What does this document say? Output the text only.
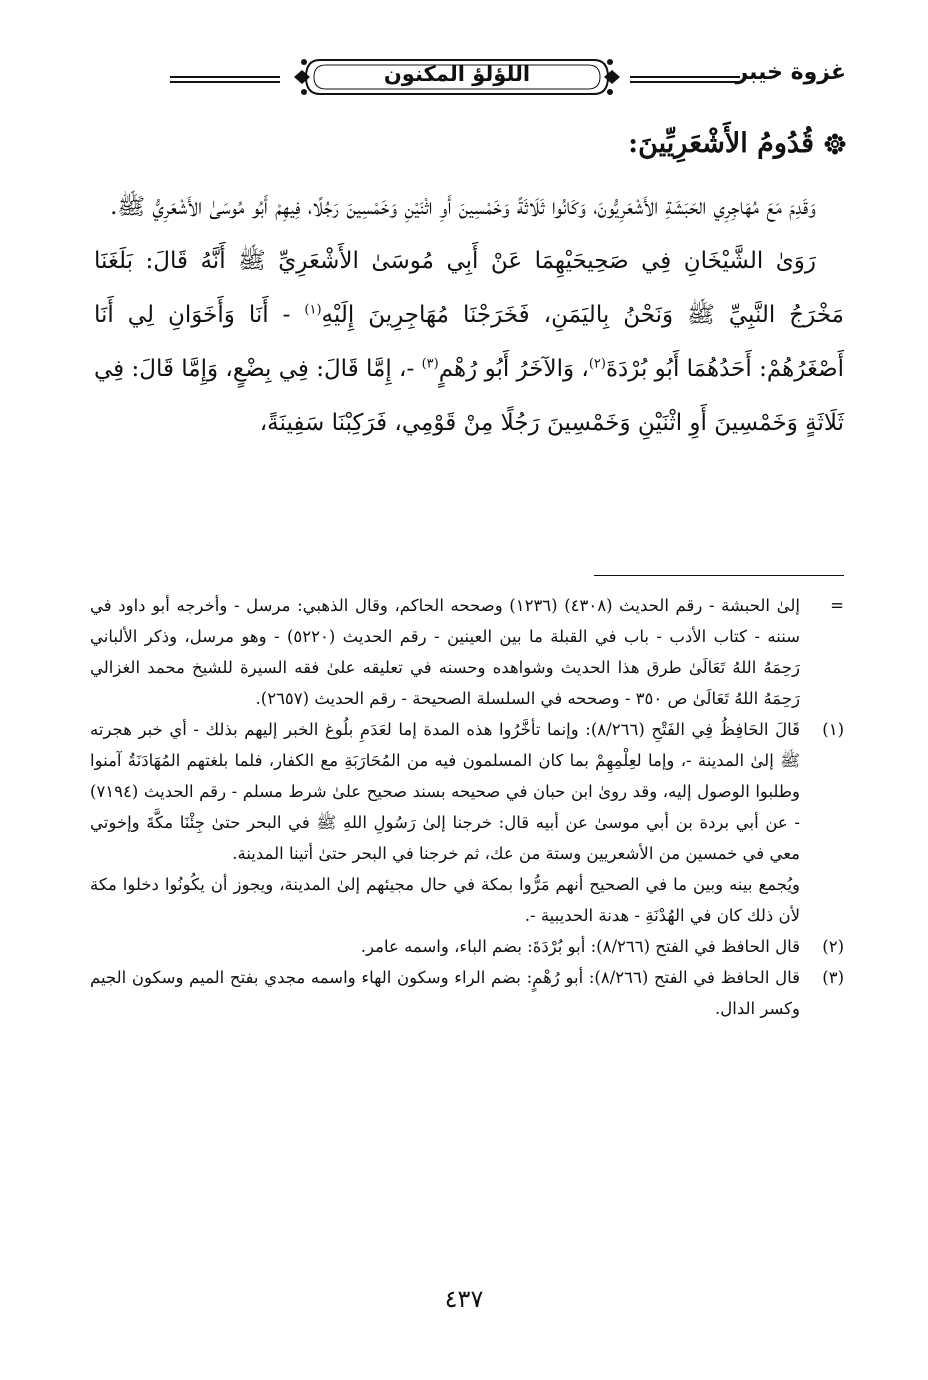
غزوة خيبر
اللؤلؤ المكنون
قُدُومُ الأَشْعَرِيِّينَ:

وَقَدِمَ مَعَ مُهَاجِرِي الحَبَشَةِ الأَشْعَرِيُّونَ، وَكَانُوا ثَلَاثَةً وَخَمْسِينَ أَوِ اثْنَيْنِ وَخَمْسِينَ رَجُلًا، فِيهِمْ أَبُو مُوسَىٰ الأَشْعَرِيُّ ﷺ.

رَوَىٰ الشَّيْخَانِ فِي صَحِيحَيْهِمَا عَنْ أَبِي مُوسَىٰ الأَشْعَرِيِّ ﷺ أَنَّهُ قَالَ: بَلَغَنَا مَخْرَجُ النَّبِيِّ ﷺ وَنَحْنُ بِاليَمَنِ، فَخَرَجْنَا مُهَاجِرِينَ إِلَيْهِ$^{(١)}$ - أَنَا وَأَخَوَانِ لِي أَنَا أَصْغَرُهُمْ: أَحَدُهُمَا أَبُو بُرْدَةَ$^{(٢)}$، وَالآخَرُ أَبُو رُهْمٍ$^{(٣)}$ -، إِمَّا قَالَ: فِي بِضْعٍ، وَإِمَّا قَالَ: فِي ثَلَاثَةٍ وَخَمْسِينَ أَوِ اثْنَيْنِ وَخَمْسِينَ رَجُلًا مِنْ قَوْمِي، فَرَكِبْنَا سَفِينَةً،

=

إلىٰ الحبشة - رقم الحديث (٤٣٠٨) (١٢٣٦) وصححه الحاكم، وقال الذهبي: مرسل - وأخرجه أبو داود في سننه - كتاب الأدب - باب في القبلة ما بين العينين - رقم الحديث (٥٢٢٠) - وهو مرسل، وذكر الألباني رَحِمَهُ اللهُ تَعَالَىٰ طرق هذا الحديث وشواهده وحسنه في تعليقه علىٰ فقه السيرة للشيخ محمد الغزالي رَحِمَهُ اللهُ تَعَالَىٰ ص ٣٥٠ - وصححه في السلسلة الصحيحة - رقم الحديث (٢٦٥٧).

(١)

قَالَ الحَافِظُ فِي الفَتْحِ (٨/٢٦٦): وإنما تأخَّرُوا هذه المدة إما لعَدَمِ بلُوغ الخبر إليهم بذلك - أي خبر هجرته ﷺ إلىٰ المدينة -، وإما لعِلْمِهِمْ بما كان المسلمون فيه من المُحَارَبَةِ مع الكفار، فلما بلغتهم المُهَادَنَةُ آمنوا وطلبوا الوصول إليه، وقد روىٰ ابن حبان في صحيحه بسند صحيح علىٰ شرط مسلم - رقم الحديث (٧١٩٤) - عن أبي بردة بن أبي موسىٰ عن أبيه قال: خرجنا إلىٰ رَسُولِ اللهِ ﷺ في البحر حتىٰ جِئْنَا مكَّةَ وإخوتي معي في خمسين من الأشعريين وستة من عك، ثم خرجنا في البحر حتىٰ أتينا المدينة.

ويُجمع بينه وبين ما في الصحيح أنهم مَرُّوا بمكة في حال مجيئهم إلىٰ المدينة، ويجوز أن يكُونُوا دخلوا مكة لأن ذلك كان في الهُدْنَةِ - هدنة الحديبية -.

(٢)

قال الحافظ في الفتح (٨/٢٦٦): أبو بُرْدَةَ: بضم الباء، واسمه عامر.

(٣)

قال الحافظ في الفتح (٨/٢٦٦): أبو رُهْمٍ: بضم الراء وسكون الهاء واسمه مجدي بفتح الميم وسكون الجيم وكسر الدال.

٤٣٧
